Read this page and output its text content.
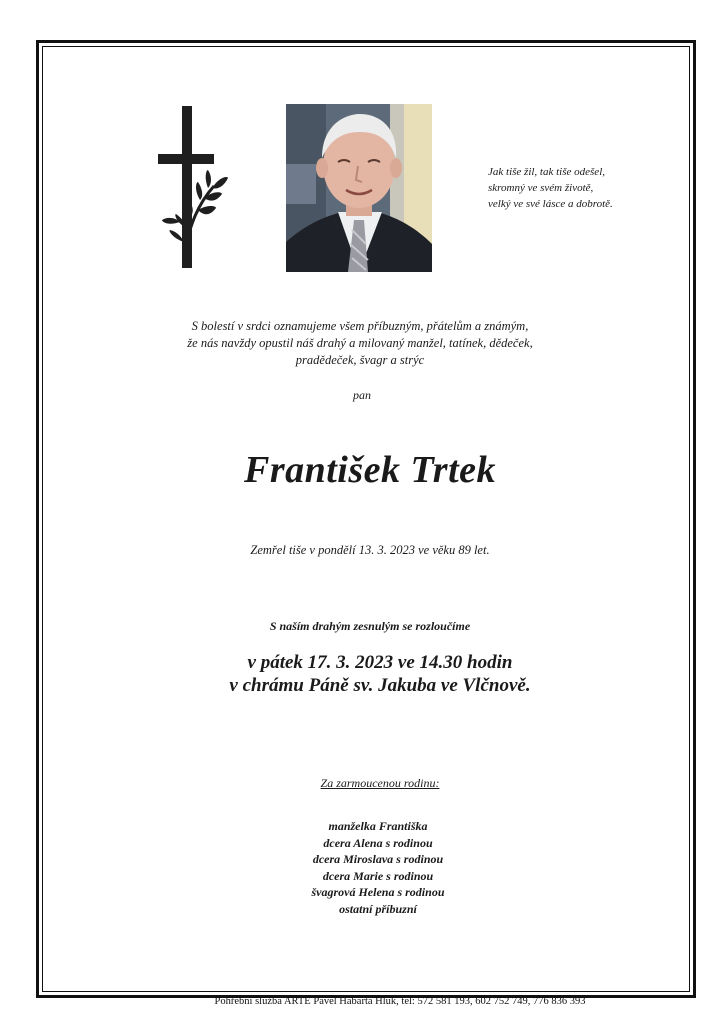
Jak tiše žil, tak tiše odešel,
skromný ve svém životě,
velký ve své lásce a dobrotě.
S bolestí v srdci oznamujeme všem příbuzným, přátelům a známým,
že nás navždy opustil náš drahý a milovaný manžel, tatínek, dědeček,
pradědeček, švagr a strýc
pan
František Trtek
Zemřel tiše v pondělí 13. 3. 2023 ve věku 89 let.
S naším drahým zesnulým se rozloučíme
v pátek 17. 3. 2023 ve 14.30 hodin
v chrámu Páně sv. Jakuba ve Vlčnově.
Za zarmoucenou rodinu:
manželka Františka
dcera Alena s rodinou
dcera Miroslava s rodinou
dcera Marie s rodinou
švagrová Helena s rodinou
ostatní příbuzní
Pohřební služba ARTE Pavel Habarta Hluk, tel: 572 581 193, 602 752 749, 776 836 393
